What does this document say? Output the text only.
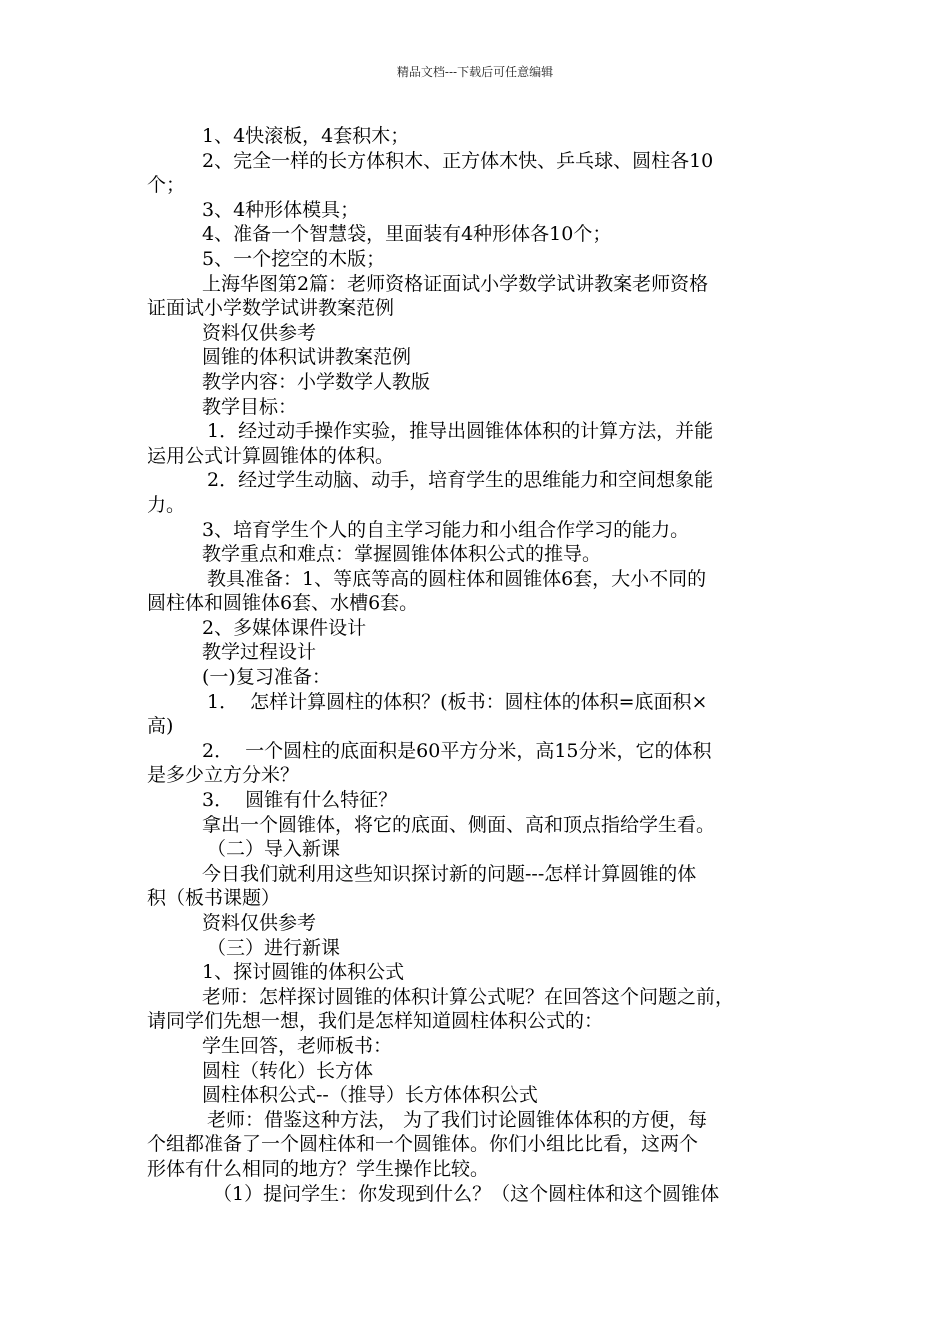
精品文档---下载后可任意编辑
1、4快滚板，4套积木；
2、完全一样的长方体积木、正方体木快、乒乓球、圆柱各10
个；
3、4种形体模具；
4、准备一个智慧袋，里面装有4种形体各10个；
5、一个挖空的木版；
上海华图第2篇：老师资格证面试小学数学试讲教案老师资格
证面试小学数学试讲教案范例
资料仅供参考
圆锥的体积试讲教案范例
教学内容：小学数学人教版
教学目标：
1．经过动手操作实验，推导出圆锥体体积的计算方法，并能
运用公式计算圆锥体的体积。
2．经过学生动脑、动手，培育学生的思维能力和空间想象能
力。
3、培育学生个人的自主学习能力和小组合作学习的能力。
教学重点和难点：掌握圆锥体体积公式的推导。
教具准备：1、等底等高的圆柱体和圆锥体6套，大小不同的
圆柱体和圆锥体6套、水槽6套。
2、多媒体课件设计
教学过程设计
(一)复习准备：
1．  怎样计算圆柱的体积？(板书：圆柱体的体积=底面积×
高)
2．  一个圆柱的底面积是60平方分米，高15分米，它的体积
是多少立方分米？
3．  圆锥有什么特征？
拿出一个圆锥体，将它的底面、侧面、高和顶点指给学生看。
（二）导入新课
今日我们就利用这些知识探讨新的问题---怎样计算圆锥的体
积（板书课题）
资料仅供参考
（三）进行新课
1、探讨圆锥的体积公式
老师：怎样探讨圆锥的体积计算公式呢？在回答这个问题之前，
请同学们先想一想，我们是怎样知道圆柱体积公式的：
学生回答，老师板书：
圆柱（转化）长方体
圆柱体积公式--（推导）长方体体积公式
老师：借鉴这种方法， 为了我们讨论圆锥体体积的方便，每
个组都准备了一个圆柱体和一个圆锥体。你们小组比比看，这两个
形体有什么相同的地方？学生操作比较。
（1）提问学生：你发现到什么？（这个圆柱体和这个圆锥体
